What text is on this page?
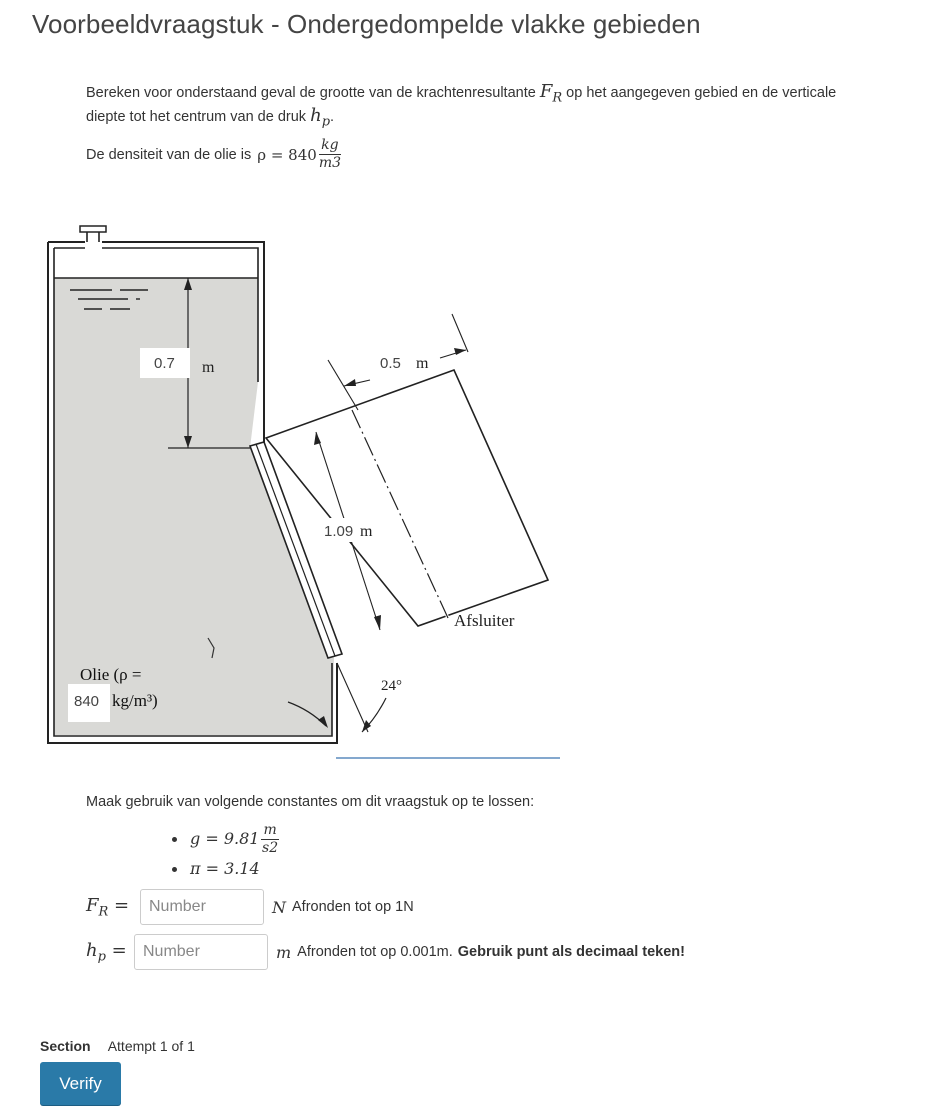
Voorbeeldvraagstuk - Ondergedompelde vlakke gebieden
Bereken voor onderstaand geval de grootte van de krachtenresultante $F_R$ op het aangegeven gebied en de verticale
diepte tot het centrum van de druk $h_p$.
De densiteit van de olie is $\rho = 840 \frac{kg}{m3}$
0.7 m	0.5 m
1.09 m
Afsluiter
24°
Olie (ρ =
840 kg/m³)
Maak gebruik van volgende constantes om dit vraagstuk op te lossen:
$g = 9.81 \frac{m}{s2}$
π = 3.14
$F_R$ =
Number	N Afronden tot op 1N
$h_p$ =
Number	m Afronden tot op 0.001m. Gebruik punt als decimaal teken!
Section Attempt 1 of 1
Verify
